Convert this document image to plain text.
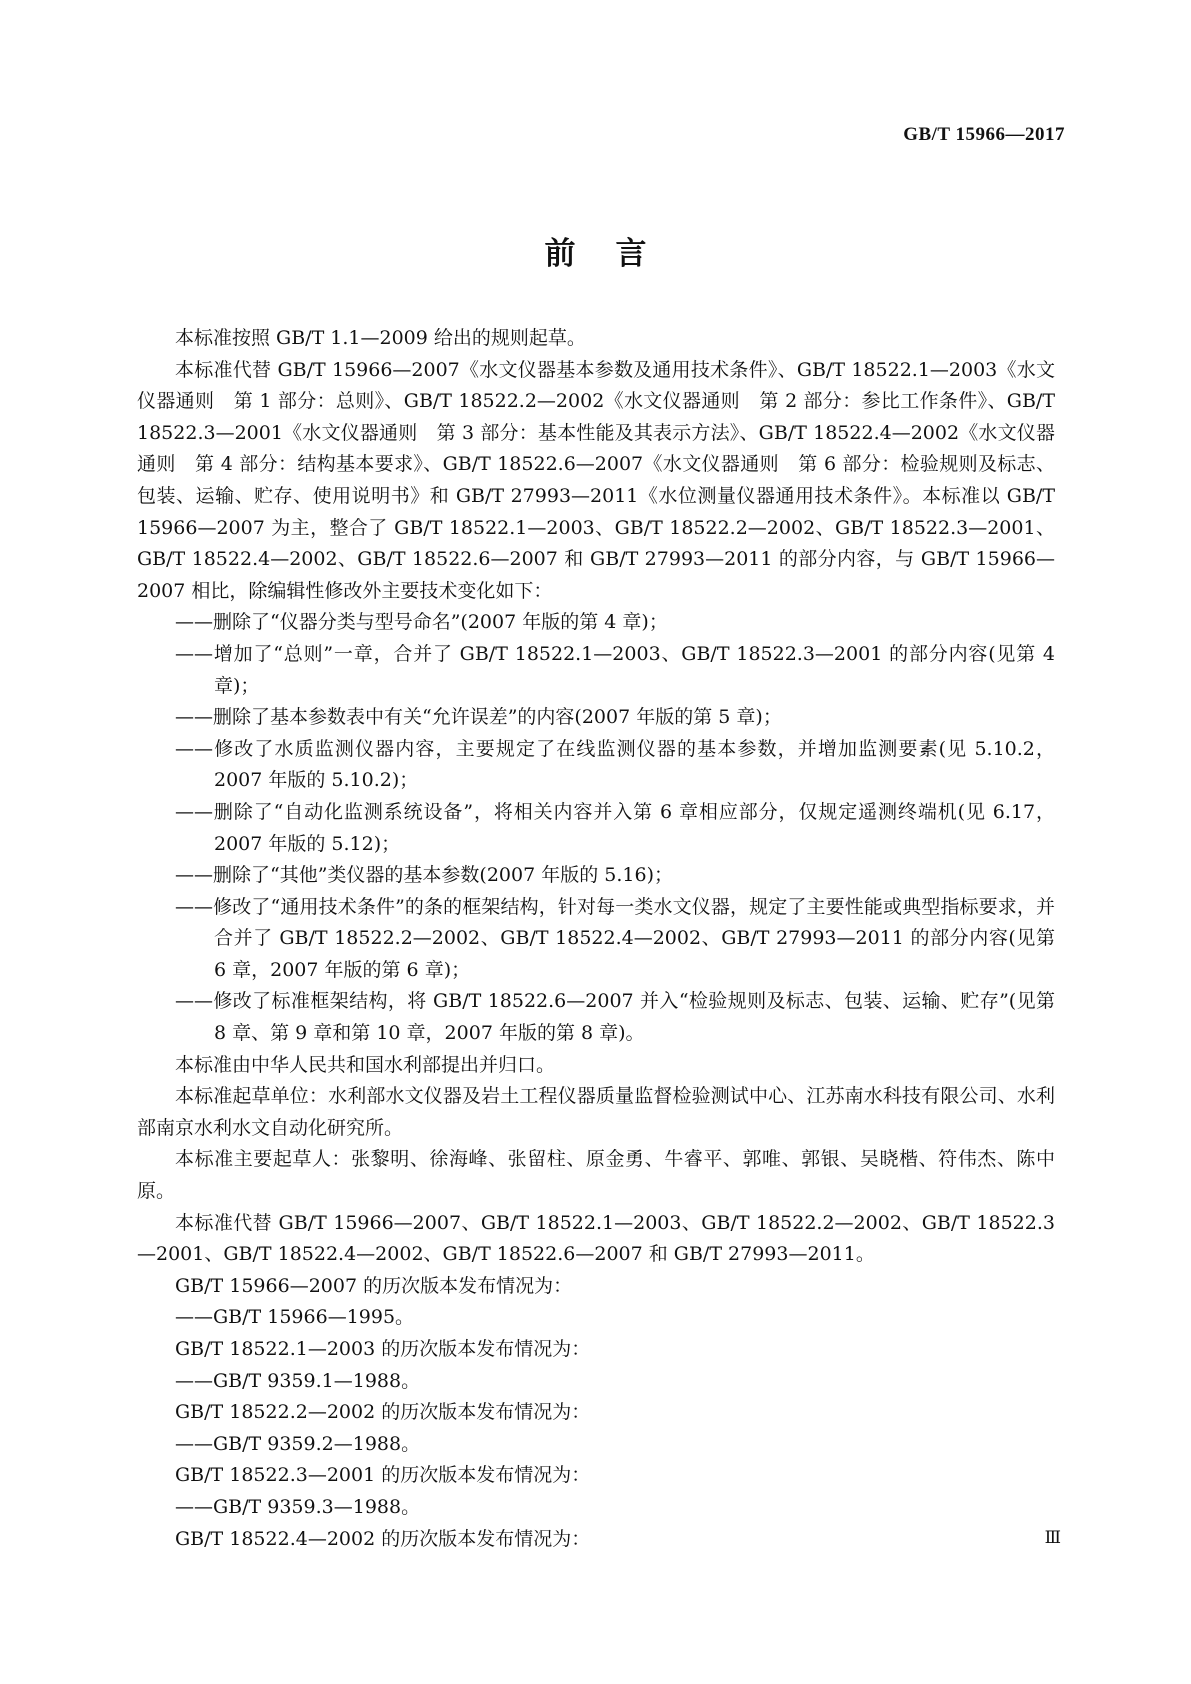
GB/T 15966—2017
前言

本标准按照 GB/T 1.1—2009 给出的规则起草。

本标准代替 GB/T 15966—2007《水文仪器基本参数及通用技术条件》、GB/T 18522.1—2003《水文仪器通则　第 1 部分：总则》、GB/T 18522.2—2002《水文仪器通则　第 2 部分：参比工作条件》、GB/T 18522.3—2001《水文仪器通则　第 3 部分：基本性能及其表示方法》、GB/T 18522.4—2002《水文仪器通则　第 4 部分：结构基本要求》、GB/T 18522.6—2007《水文仪器通则　第 6 部分：检验规则及标志、包装、运输、贮存、使用说明书》和 GB/T 27993—2011《水位测量仪器通用技术条件》。本标准以 GB/T 15966—2007 为主，整合了 GB/T 18522.1—2003、GB/T 18522.2—2002、GB/T 18522.3—2001、GB/T 18522.4—2002、GB/T 18522.6—2007 和 GB/T 27993—2011 的部分内容，与 GB/T 15966—2007 相比，除编辑性修改外主要技术变化如下：

——删除了“仪器分类与型号命名”(2007 年版的第 4 章)；

——增加了“总则”一章，合并了 GB/T 18522.1—2003、GB/T 18522.3—2001 的部分内容(见第 4 章)；

——删除了基本参数表中有关“允许误差”的内容(2007 年版的第 5 章)；

——修改了水质监测仪器内容，主要规定了在线监测仪器的基本参数，并增加监测要素(见 5.10.2，2007 年版的 5.10.2)；

——删除了“自动化监测系统设备”，将相关内容并入第 6 章相应部分，仅规定遥测终端机(见 6.17，2007 年版的 5.12)；

——删除了“其他”类仪器的基本参数(2007 年版的 5.16)；

——修改了“通用技术条件”的条的框架结构，针对每一类水文仪器，规定了主要性能或典型指标要求，并合并了 GB/T 18522.2—2002、GB/T 18522.4—2002、GB/T 27993—2011 的部分内容(见第 6 章，2007 年版的第 6 章)；

——修改了标准框架结构，将 GB/T 18522.6—2007 并入“检验规则及标志、包装、运输、贮存”(见第 8 章、第 9 章和第 10 章，2007 年版的第 8 章)。

本标准由中华人民共和国水利部提出并归口。

本标准起草单位：水利部水文仪器及岩土工程仪器质量监督检验测试中心、江苏南水科技有限公司、水利部南京水利水文自动化研究所。

本标准主要起草人：张黎明、徐海峰、张留柱、原金勇、牛睿平、郭唯、郭银、吴晓楷、符伟杰、陈中原。

本标准代替 GB/T 15966—2007、GB/T 18522.1—2003、GB/T 18522.2—2002、GB/T 18522.3—2001、GB/T 18522.4—2002、GB/T 18522.6—2007 和 GB/T 27993—2011。

GB/T 15966—2007 的历次版本发布情况为：

——GB/T 15966—1995。

GB/T 18522.1—2003 的历次版本发布情况为：

——GB/T 9359.1—1988。

GB/T 18522.2—2002 的历次版本发布情况为：

——GB/T 9359.2—1988。

GB/T 18522.3—2001 的历次版本发布情况为：

——GB/T 9359.3—1988。

GB/T 18522.4—2002 的历次版本发布情况为：	Ⅲ
